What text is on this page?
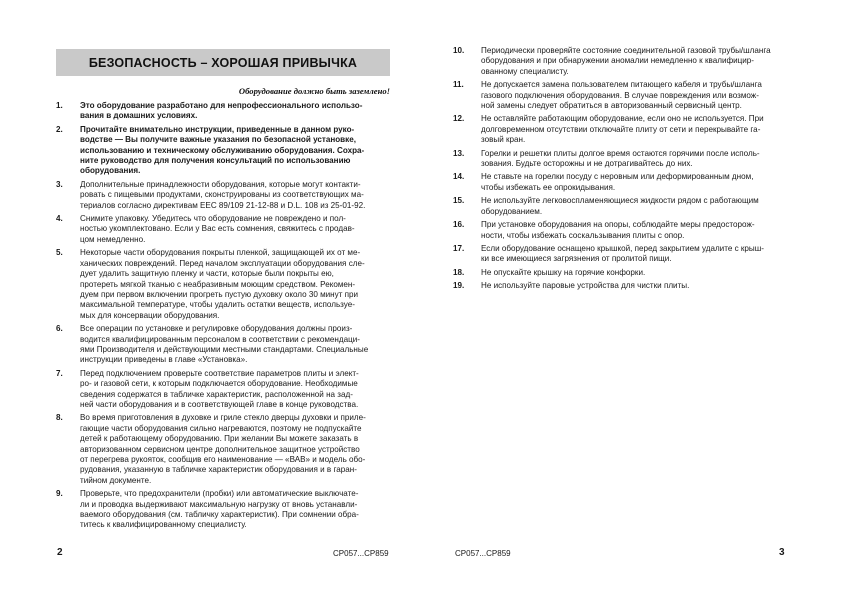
БЕЗОПАСНОСТЬ – ХОРОШАЯ ПРИВЫЧКА
Оборудование должно быть заземлено!
1.	Это оборудование разработано для непрофессионального использо-
вания в домашних условиях.
2.	Прочитайте внимательно инструкции, приведенные в данном руко-
водстве — Вы получите важные указания по безопасной установке,
использованию и техническому обслуживанию оборудования. Сохра-
ните руководство для получения консультаций по использованию
оборудования.
3.	Дополнительные принадлежности оборудования, которые могут контакти-
ровать с пищевыми продуктами, сконструированы из соответствующих ма-
териалов согласно директивам EEC 89/109 21-12-88 и D.L. 108 из 25-01-92.
4.	Снимите упаковку. Убедитесь что оборудование не повреждено и пол-
ностью укомплектовано. Если у Вас есть сомнения, свяжитесь с продав-
цом немедленно.
5.	Некоторые части оборудования покрыты пленкой, защищающей их от ме-
ханических повреждений. Перед началом эксплуатации оборудования сле-
дует удалить защитную пленку и части, которые были покрыты ею,
протереть мягкой тканью с неабразивным моющим средством. Рекомен-
дуем при первом включении прогреть пустую духовку около 30 минут при
максимальной температуре, чтобы удалить остатки веществ, используе-
мых для консервации оборудования.
6.	Все операции по установке и регулировке оборудования должны произ-
водится квалифицированным персоналом в соответствии с рекомендаци-
ями Производителя и действующими местными стандартами. Специальные
инструкции приведены в главе «Установка».
7.	Перед подключением проверьте соответствие параметров плиты и элект-
ро- и газовой сети, к которым подключается оборудование. Необходимые
сведения содержатся в табличке характеристик, расположенной на зад-
ней части оборудования и в соответствующей главе в конце руководства.
8.	Во время приготовления в духовке и гриле стекло дверцы духовки и приле-
гающие части оборудования сильно нагреваются, поэтому не подпускайте
детей к работающему оборудованию. При желании Вы можете заказать в
авторизованном сервисном центре дополнительное защитное устройство
от перегрева рукояток, сообщив его наименование — «ВАВ» и модель обо-
рудования, указанную в табличке характеристик оборудования и в гаран-
тийном документе.
9.	Проверьте, что предохранители (пробки) или автоматические выключате-
ли и проводка выдерживают максимальную нагрузку от вновь устанавли-
ваемого оборудования (см. табличку характеристик). При сомнении обра-
титесь к квалифицированному специалисту.
2	CP057...CP859
10.	Периодически проверяйте состояние соединительной газовой трубы/шланга
оборудования и при обнаружении аномалии немедленно к квалифицир-
ованному специалисту.
11.	Не допускается замена пользователем питающего кабеля и трубы/шланга
газового подключения оборудования. В случае повреждения или возмож-
ной замены следует обратиться в авторизованный сервисный центр.
12.	Не оставляйте работающим оборудование, если оно не используется. При
долговременном отсутствии отключайте плиту от сети и перекрывайте га-
зовый кран.
13.	Горелки и решетки плиты долгое время остаются горячими после исполь-
зования. Будьте осторожны и не дотрагивайтесь до них.
14.	Не ставьте на горелки посуду с неровным или деформированным дном,
чтобы избежать ее опрокидывания.
15.	Не используйте легковоспламеняющиеся жидкости рядом с работающим
оборудованием.
16.	При установке оборудования на опоры, соблюдайте меры предосторож-
ности, чтобы избежать соскальзывания плиты с опор.
17.	Если оборудование оснащено крышкой, перед закрытием удалите с крыш-
ки все имеющиеся загрязнения от пролитой пищи.
18.	Не опускайте крышку на горячие конфорки.
19.	Не используйте паровые устройства для чистки плиты.
CP057...CP859	3
